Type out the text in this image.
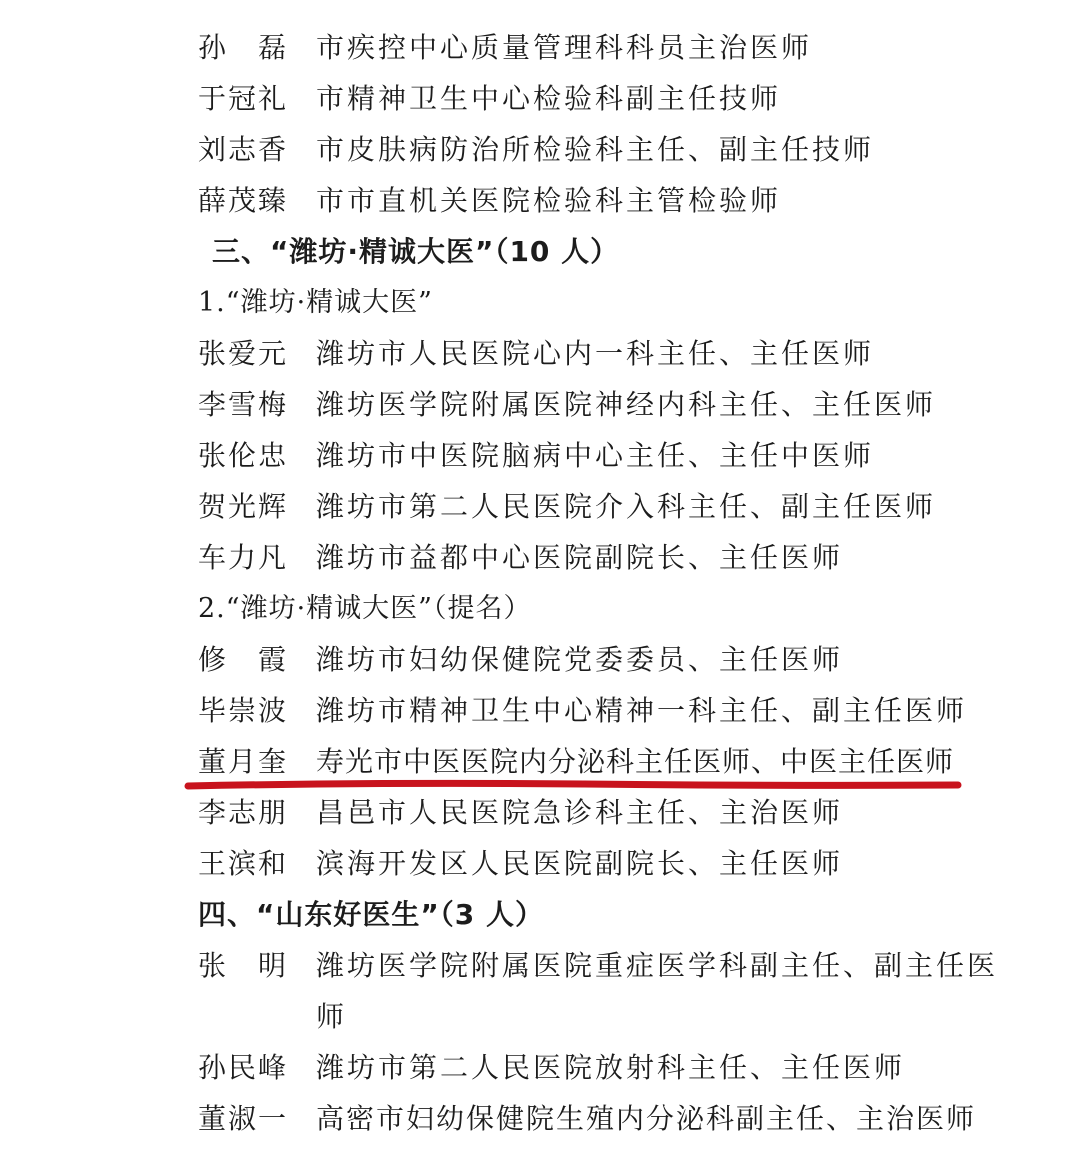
孙　磊 市疾控中心质量管理科科员主治医师
于冠礼 市精神卫生中心检验科副主任技师
刘志香 市皮肤病防治所检验科主任、副主任技师
薛茂臻 市市直机关医院检验科主管检验师
三、“潍坊·精诚大医”（10 人）
1.“潍坊·精诚大医”
张爱元 潍坊市人民医院心内一科主任、主任医师
李雪梅 潍坊医学院附属医院神经内科主任、主任医师
张伦忠 潍坊市中医院脑病中心主任、主任中医师
贺光辉 潍坊市第二人民医院介入科主任、副主任医师
车力凡 潍坊市益都中心医院副院长、主任医师
2.“潍坊·精诚大医”（提名）
修　霞 潍坊市妇幼保健院党委委员、主任医师
毕崇波 潍坊市精神卫生中心精神一科主任、副主任医师
董月奎 寿光市中医医院内分泌科主任医师、中医主任医师
李志朋 昌邑市人民医院急诊科主任、主治医师
王滨和 滨海开发区人民医院副院长、主任医师
四、“山东好医生”（3 人）
张　明 潍坊医学院附属医院重症医学科副主任、副主任医
师
孙民峰 潍坊市第二人民医院放射科主任、主任医师
董淑一 高密市妇幼保健院生殖内分泌科副主任、主治医师
